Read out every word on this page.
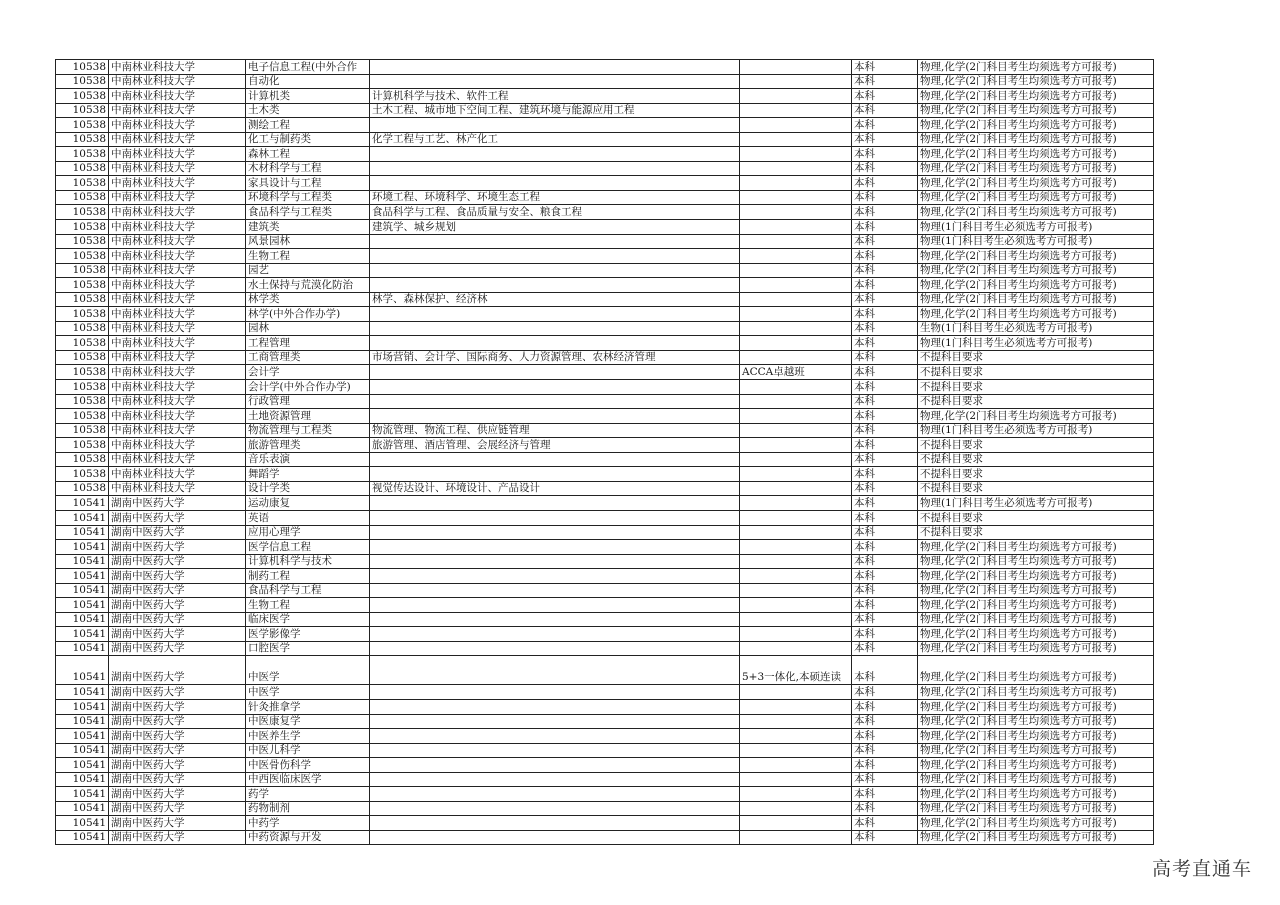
10538	中南林业科技大学	电子信息工程(中外合作			本科	物理,化学(2门科目考生均须选考方可报考)
10538	中南林业科技大学	自动化			本科	物理,化学(2门科目考生均须选考方可报考)
10538	中南林业科技大学	计算机类	计算机科学与技术、软件工程		本科	物理,化学(2门科目考生均须选考方可报考)
10538	中南林业科技大学	土木类	土木工程、城市地下空间工程、建筑环境与能源应用工程		本科	物理,化学(2门科目考生均须选考方可报考)
10538	中南林业科技大学	测绘工程			本科	物理,化学(2门科目考生均须选考方可报考)
10538	中南林业科技大学	化工与制药类	化学工程与工艺、林产化工		本科	物理,化学(2门科目考生均须选考方可报考)
10538	中南林业科技大学	森林工程			本科	物理,化学(2门科目考生均须选考方可报考)
10538	中南林业科技大学	木材科学与工程			本科	物理,化学(2门科目考生均须选考方可报考)
10538	中南林业科技大学	家具设计与工程			本科	物理,化学(2门科目考生均须选考方可报考)
10538	中南林业科技大学	环境科学与工程类	环境工程、环境科学、环境生态工程		本科	物理,化学(2门科目考生均须选考方可报考)
10538	中南林业科技大学	食品科学与工程类	食品科学与工程、食品质量与安全、粮食工程		本科	物理,化学(2门科目考生均须选考方可报考)
10538	中南林业科技大学	建筑类	建筑学、城乡规划		本科	物理(1门科目考生必须选考方可报考)
10538	中南林业科技大学	风景园林			本科	物理(1门科目考生必须选考方可报考)
10538	中南林业科技大学	生物工程			本科	物理,化学(2门科目考生均须选考方可报考)
10538	中南林业科技大学	园艺			本科	物理,化学(2门科目考生均须选考方可报考)
10538	中南林业科技大学	水土保持与荒漠化防治			本科	物理,化学(2门科目考生均须选考方可报考)
10538	中南林业科技大学	林学类	林学、森林保护、经济林		本科	物理,化学(2门科目考生均须选考方可报考)
10538	中南林业科技大学	林学(中外合作办学)			本科	物理,化学(2门科目考生均须选考方可报考)
10538	中南林业科技大学	园林			本科	生物(1门科目考生必须选考方可报考)
10538	中南林业科技大学	工程管理			本科	物理(1门科目考生必须选考方可报考)
10538	中南林业科技大学	工商管理类	市场营销、会计学、国际商务、人力资源管理、农林经济管理		本科	不提科目要求
10538	中南林业科技大学	会计学		ACCA卓越班	本科	不提科目要求
10538	中南林业科技大学	会计学(中外合作办学)			本科	不提科目要求
10538	中南林业科技大学	行政管理			本科	不提科目要求
10538	中南林业科技大学	土地资源管理			本科	物理,化学(2门科目考生均须选考方可报考)
10538	中南林业科技大学	物流管理与工程类	物流管理、物流工程、供应链管理		本科	物理(1门科目考生必须选考方可报考)
10538	中南林业科技大学	旅游管理类	旅游管理、酒店管理、会展经济与管理		本科	不提科目要求
10538	中南林业科技大学	音乐表演			本科	不提科目要求
10538	中南林业科技大学	舞蹈学			本科	不提科目要求
10538	中南林业科技大学	设计学类	视觉传达设计、环境设计、产品设计		本科	不提科目要求
10541	湖南中医药大学	运动康复			本科	物理(1门科目考生必须选考方可报考)
10541	湖南中医药大学	英语			本科	不提科目要求
10541	湖南中医药大学	应用心理学			本科	不提科目要求
10541	湖南中医药大学	医学信息工程			本科	物理,化学(2门科目考生均须选考方可报考)
10541	湖南中医药大学	计算机科学与技术			本科	物理,化学(2门科目考生均须选考方可报考)
10541	湖南中医药大学	制药工程			本科	物理,化学(2门科目考生均须选考方可报考)
10541	湖南中医药大学	食品科学与工程			本科	物理,化学(2门科目考生均须选考方可报考)
10541	湖南中医药大学	生物工程			本科	物理,化学(2门科目考生均须选考方可报考)
10541	湖南中医药大学	临床医学			本科	物理,化学(2门科目考生均须选考方可报考)
10541	湖南中医药大学	医学影像学			本科	物理,化学(2门科目考生均须选考方可报考)
10541	湖南中医药大学	口腔医学			本科	物理,化学(2门科目考生均须选考方可报考)
10541	湖南中医药大学	中医学		5+3一体化,本硕连读	本科	物理,化学(2门科目考生均须选考方可报考)
10541	湖南中医药大学	中医学			本科	物理,化学(2门科目考生均须选考方可报考)
10541	湖南中医药大学	针灸推拿学			本科	物理,化学(2门科目考生均须选考方可报考)
10541	湖南中医药大学	中医康复学			本科	物理,化学(2门科目考生均须选考方可报考)
10541	湖南中医药大学	中医养生学			本科	物理,化学(2门科目考生均须选考方可报考)
10541	湖南中医药大学	中医儿科学			本科	物理,化学(2门科目考生均须选考方可报考)
10541	湖南中医药大学	中医骨伤科学			本科	物理,化学(2门科目考生均须选考方可报考)
10541	湖南中医药大学	中西医临床医学			本科	物理,化学(2门科目考生均须选考方可报考)
10541	湖南中医药大学	药学			本科	物理,化学(2门科目考生均须选考方可报考)
10541	湖南中医药大学	药物制剂			本科	物理,化学(2门科目考生均须选考方可报考)
10541	湖南中医药大学	中药学			本科	物理,化学(2门科目考生均须选考方可报考)
10541	湖南中医药大学	中药资源与开发			本科	物理,化学(2门科目考生均须选考方可报考)
高考直通车
